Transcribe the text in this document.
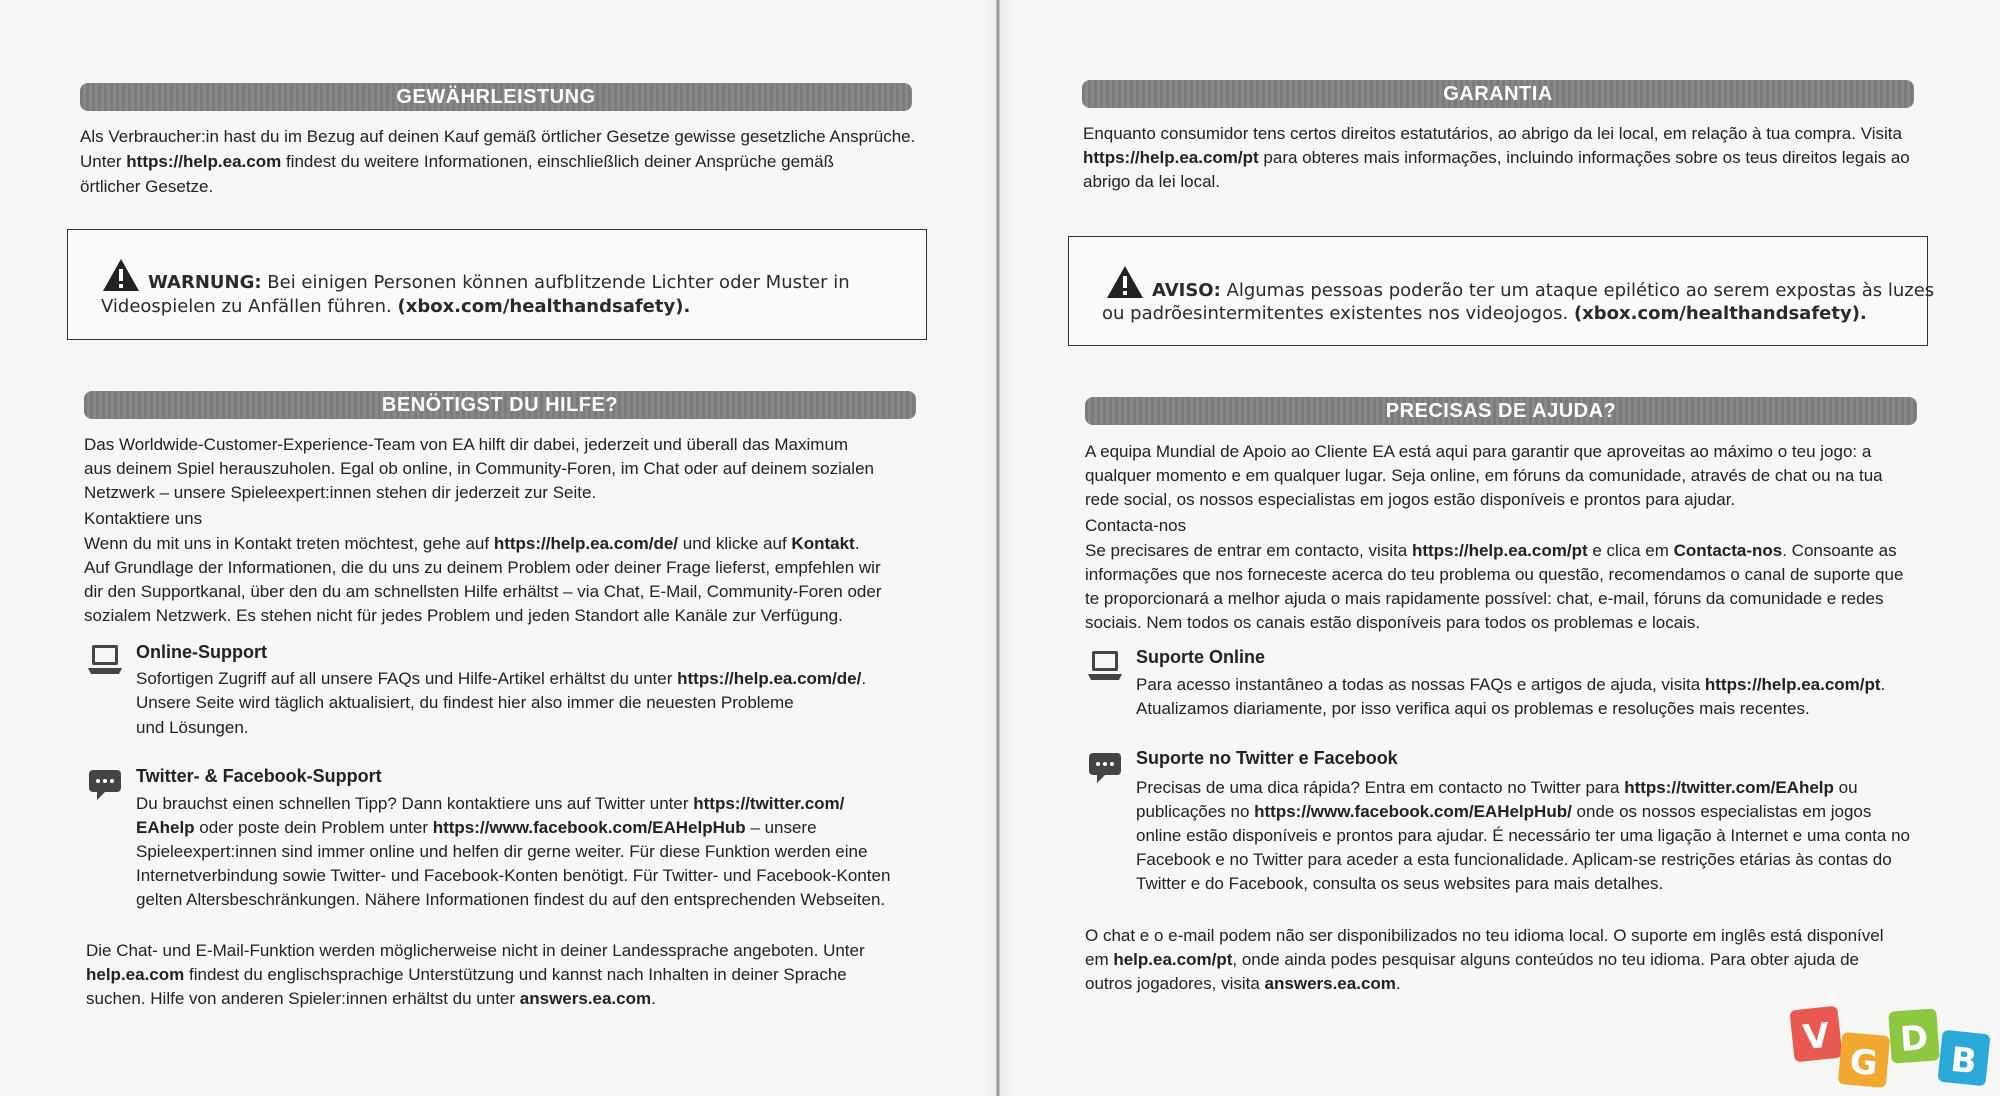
GEWÄHRLEISTUNG

Als Verbraucher:in hast du im Bezug auf deinen Kauf gemäß örtlicher Gesetze gewisse gesetzliche Ansprüche.

Unter https://help.ea.com findest du weitere Informationen, einschließlich deiner Ansprüche gemäß

örtlicher Gesetze.

WARNUNG: Bei einigen Personen können aufblitzende Lichter oder Muster in
Videospielen zu Anfällen führen. (xbox.com/healthandsafety).
BENÖTIGST DU HILFE?

Das Worldwide-Customer-Experience-Team von EA hilft dir dabei, jederzeit und überall das Maximum

aus deinem Spiel herauszuholen. Egal ob online, in Community-Foren, im Chat oder auf deinem sozialen

Netzwerk – unsere Spieleexpert:innen stehen dir jederzeit zur Seite.

Kontaktiere uns

Wenn du mit uns in Kontakt treten möchtest, gehe auf https://help.ea.com/de/ und klicke auf Kontakt.

Auf Grundlage der Informationen, die du uns zu deinem Problem oder deiner Frage lieferst, empfehlen wir

dir den Supportkanal, über den du am schnellsten Hilfe erhältst – via Chat, E-Mail, Community-Foren oder

sozialem Netzwerk. Es stehen nicht für jedes Problem und jeden Standort alle Kanäle zur Verfügung.

Online-Support

Sofortigen Zugriff auf all unsere FAQs und Hilfe-Artikel erhältst du unter https://help.ea.com/de/.

Unsere Seite wird täglich aktualisiert, du findest hier also immer die neuesten Probleme

und Lösungen.

Twitter- & Facebook-Support

Du brauchst einen schnellen Tipp? Dann kontaktiere uns auf Twitter unter https://twitter.com/

EAhelp oder poste dein Problem unter https://www.facebook.com/EAHelpHub – unsere

Spieleexpert:innen sind immer online und helfen dir gerne weiter. Für diese Funktion werden eine

Internetverbindung sowie Twitter- und Facebook-Konten benötigt. Für Twitter- und Facebook-Konten

gelten Altersbeschränkungen. Nähere Informationen findest du auf den entsprechenden Webseiten.

Die Chat- und E-Mail-Funktion werden möglicherweise nicht in deiner Landessprache angeboten. Unter

help.ea.com findest du englischsprachige Unterstützung und kannst nach Inhalten in deiner Sprache

suchen. Hilfe von anderen Spieler:innen erhältst du unter answers.ea.com.

GARANTIA

Enquanto consumidor tens certos direitos estatutários, ao abrigo da lei local, em relação à tua compra. Visita

https://help.ea.com/pt para obteres mais informações, incluindo informações sobre os teus direitos legais ao

abrigo da lei local.

AVISO: Algumas pessoas poderão ter um ataque epilético ao serem expostas às luzes
ou padrõesintermitentes existentes nos videojogos. (xbox.com/healthandsafety).
PRECISAS DE AJUDA?

A equipa Mundial de Apoio ao Cliente EA está aqui para garantir que aproveitas ao máximo o teu jogo: a

qualquer momento e em qualquer lugar. Seja online, em fóruns da comunidade, através de chat ou na tua

rede social, os nossos especialistas em jogos estão disponíveis e prontos para ajudar.

Contacta-nos

Se precisares de entrar em contacto, visita https://help.ea.com/pt e clica em Contacta-nos. Consoante as

informações que nos forneceste acerca do teu problema ou questão, recomendamos o canal de suporte que

te proporcionará a melhor ajuda o mais rapidamente possível: chat, e-mail, fóruns da comunidade e redes

sociais. Nem todos os canais estão disponíveis para todos os problemas e locais.

Suporte Online

Para acesso instantâneo a todas as nossas FAQs e artigos de ajuda, visita https://help.ea.com/pt.

Atualizamos diariamente, por isso verifica aqui os problemas e resoluções mais recentes.

Suporte no Twitter e Facebook

Precisas de uma dica rápida? Entra em contacto no Twitter para https://twitter.com/EAhelp ou

publicações no https://www.facebook.com/EAHelpHub/ onde os nossos especialistas em jogos

online estão disponíveis e prontos para ajudar. É necessário ter uma ligação à Internet e uma conta no

Facebook e no Twitter para aceder a esta funcionalidade. Aplicam-se restrições etárias às contas do

Twitter e do Facebook, consulta os seus websites para mais detalhes.

O chat e o e-mail podem não ser disponibilizados no teu idioma local. O suporte em inglês está disponível

em help.ea.com/pt, onde ainda podes pesquisar alguns conteúdos no teu idioma. Para obter ajuda de

outros jogadores, visita answers.ea.com.

V
G
D
B
